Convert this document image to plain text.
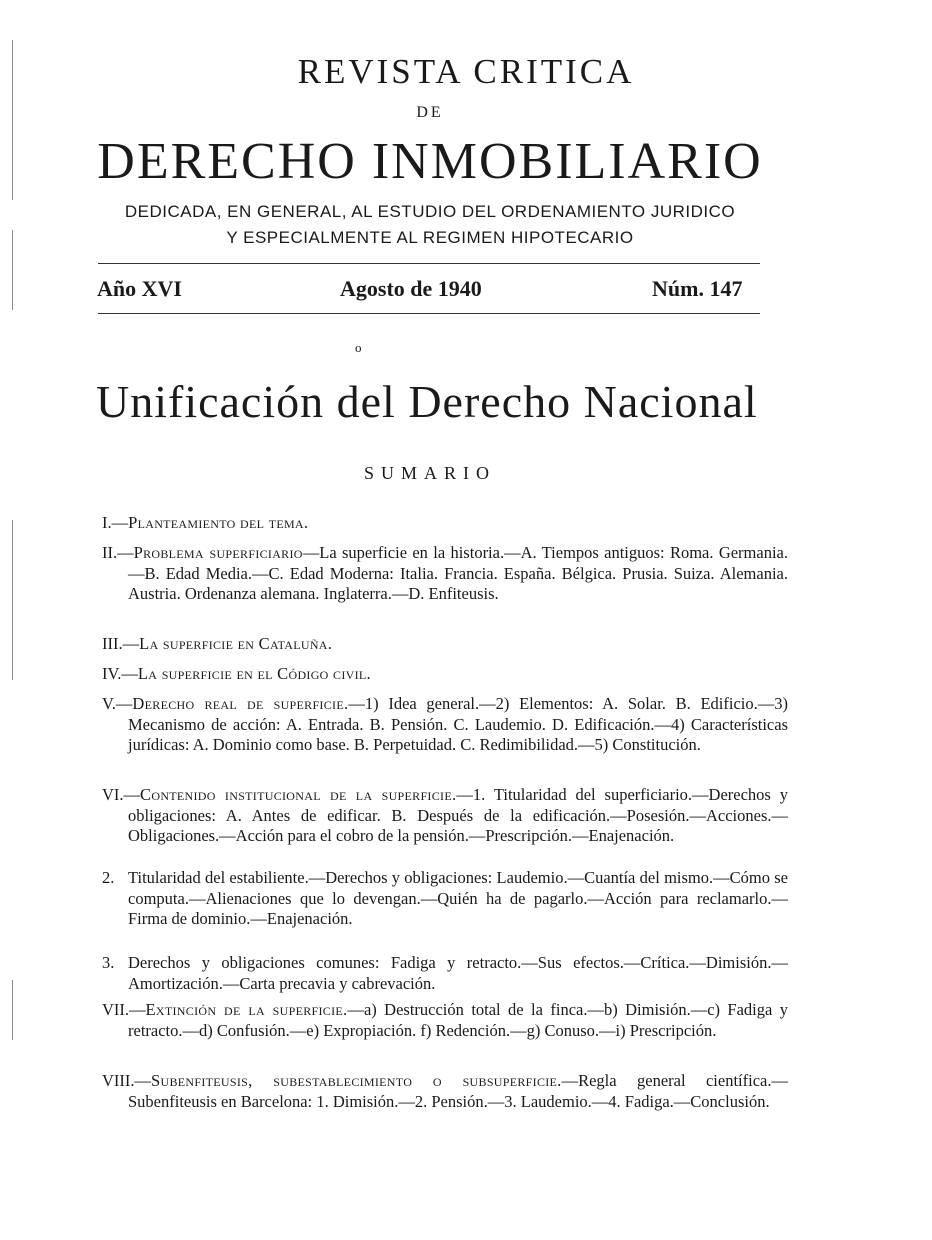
REVISTA CRITICA
DE
DERECHO INMOBILIARIO
DEDICADA, EN GENERAL, AL ESTUDIO DEL ORDENAMIENTO JURIDICO
Y ESPECIALMENTE AL REGIMEN HIPOTECARIO
Año XVI	Agosto de 1940	Núm. 147
o
Unificación del Derecho Nacional
SUMARIO
I.—Planteamiento del tema.
II.—Problema superficiario—La superficie en la historia.—A. Tiempos antiguos: Roma. Germania.—B. Edad Media.—C. Edad Moderna: Italia. Francia. España. Bélgica. Prusia. Suiza. Alemania. Austria. Ordenanza alemana. Inglaterra.—D. Enfiteusis.
III.—La superficie en Cataluña.
IV.—La superficie en el Código civil.
V.—Derecho real de superficie.—1) Idea general.—2) Elementos: A. Solar. B. Edificio.—3) Mecanismo de acción: A. Entrada. B. Pensión. C. Laudemio. D. Edificación.—4) Características jurídicas: A. Dominio como base. B. Perpetuidad. C. Redimibilidad.—5) Constitución.
VI.—Contenido institucional de la superficie.—1. Titularidad del superficiario.—Derechos y obligaciones: A. Antes de edificar. B. Después de la edificación.—Posesión.—Acciones.—Obligaciones.—Acción para el cobro de la pensión.—Prescripción.—Enajenación.
2. Titularidad del estabiliente.—Derechos y obligaciones: Laudemio.—Cuantía del mismo.—Cómo se computa.—Alienaciones que lo devengan.—Quién ha de pagarlo.—Acción para reclamarlo.—Firma de dominio.—Enajenación.
3. Derechos y obligaciones comunes: Fadiga y retracto.—Sus efectos.—Crítica.—Dimisión.—Amortización.—Carta precavia y cabrevación.
VII.—Extinción de la superficie.—a) Destrucción total de la finca.—b) Dimisión.—c) Fadiga y retracto.—d) Confusión.—e) Expropiación. f) Redención.—g) Conuso.—i) Prescripción.
VIII.—Subenfiteusis, subestablecimiento o subsuperficie.—Regla general científica.—Subenfiteusis en Barcelona: 1. Dimisión.—2. Pensión.—3. Laudemio.—4. Fadiga.—Conclusión.
